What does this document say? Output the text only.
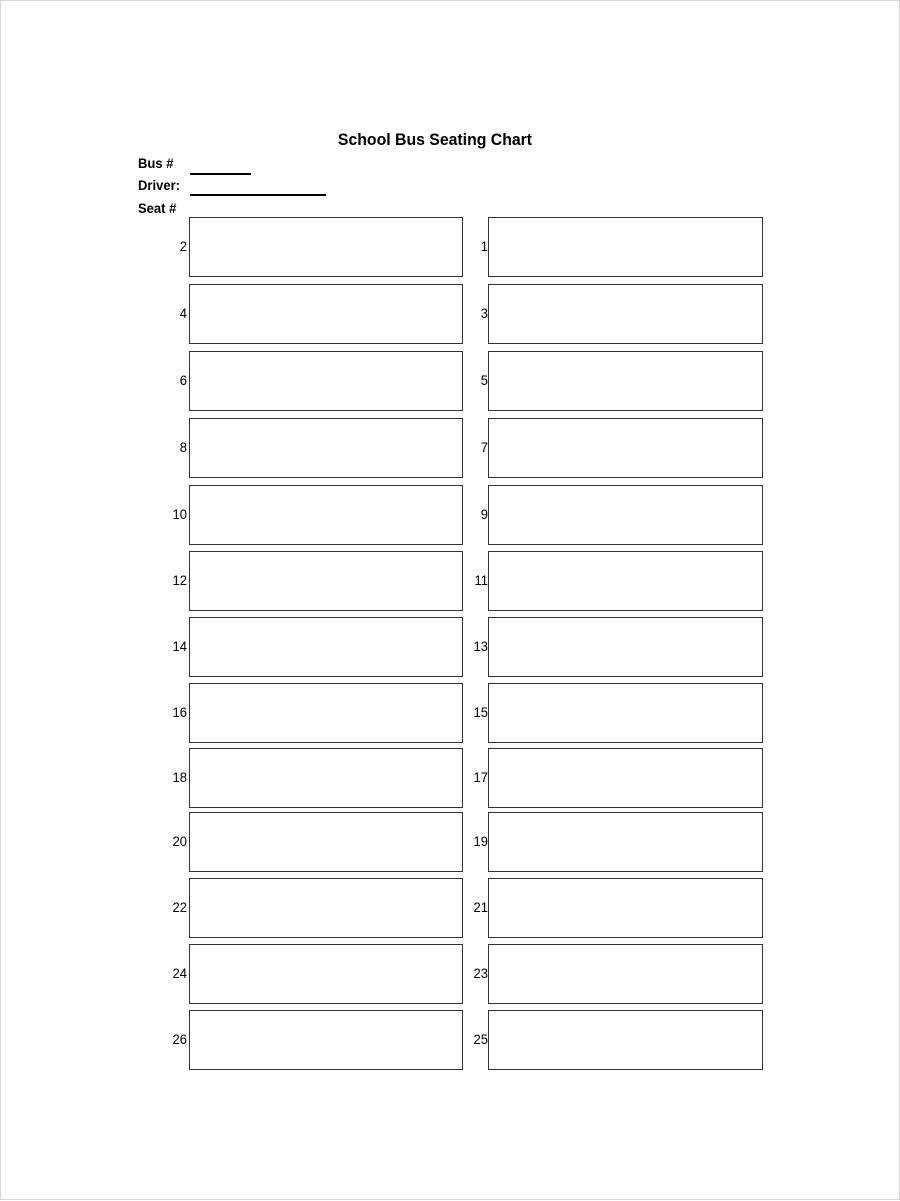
School Bus Seating Chart
Bus #
Driver:
Seat #
2	1
4	3
6	5
8	7
10	9
12	11
14	13
16	15
18	17
20	19
22	21
24	23
26	25
